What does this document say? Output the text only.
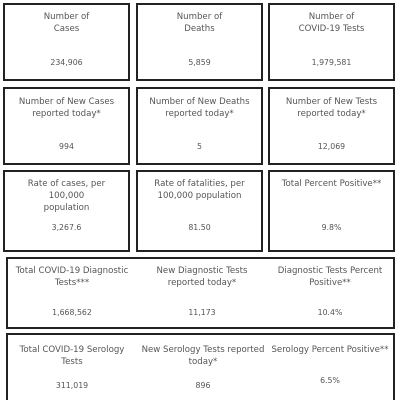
Number of
Cases
234,906
Number of
Deaths
5,859
Number of
COVID-19 Tests
1,979,581
Number of New Cases
reported today*
994
Number of New Deaths
reported today*
5
Number of New Tests
reported today*
12,069
Rate of cases, per 100,000
population
3,267.6
Rate of fatalities, per
100,000 population
81.50
Total Percent Positive**
9.8%
Total COVID-19 Diagnostic
Tests***
1,668,562
New Diagnostic Tests
reported today*
11,173
Diagnostic Tests Percent
Positive**
10.4%
Total COVID-19 Serology
Tests
311,019
New Serology Tests reported
today*
896
Serology Percent Positive**
6.5%
